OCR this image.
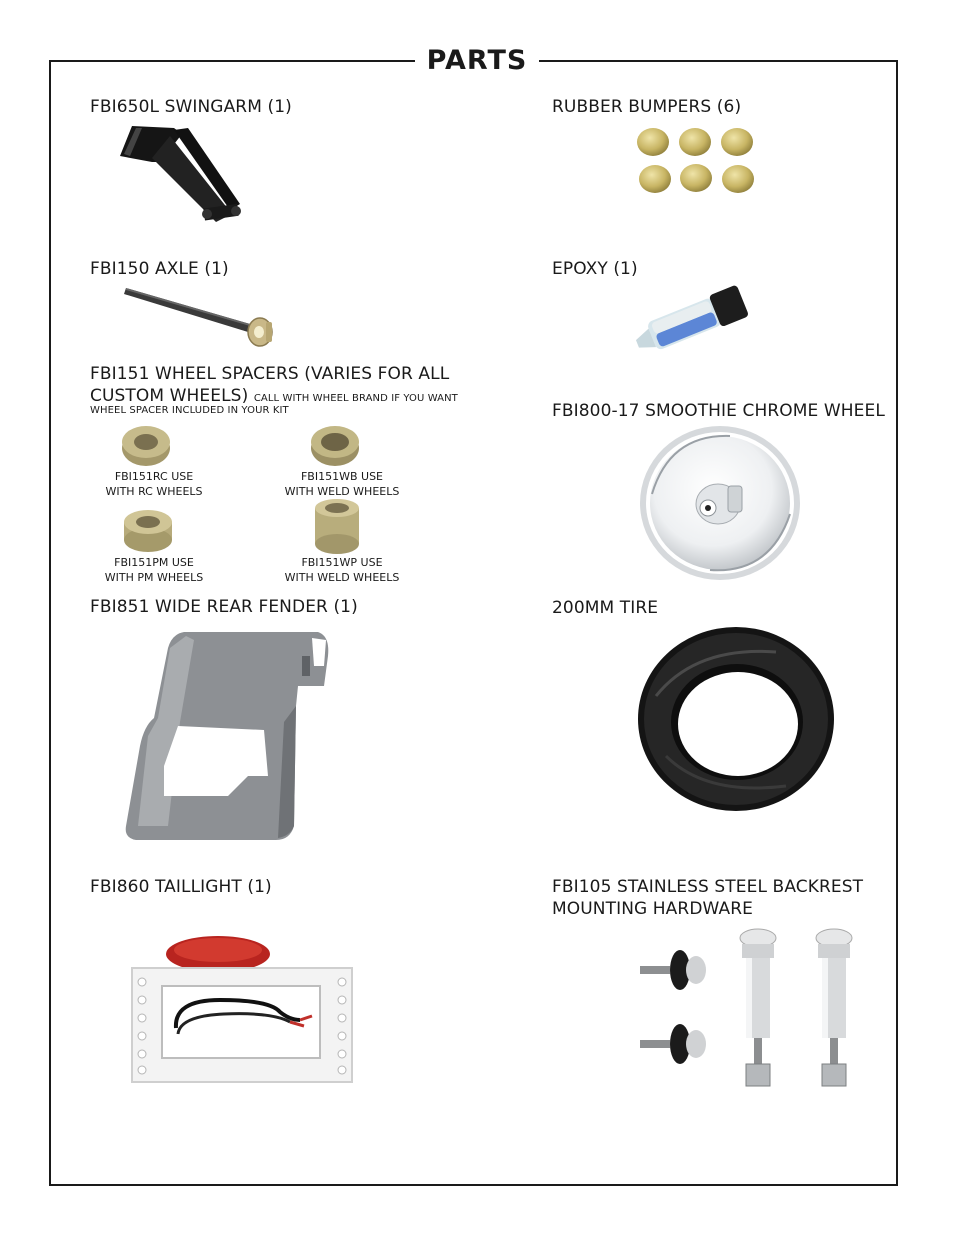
PARTS
FBI650L SWINGARM (1)
FBI150 AXLE (1)
FBI151 WHEEL SPACERS (VARIES FOR ALL
CUSTOM WHEELS) CALL WITH WHEEL BRAND IF YOU WANT
WHEEL SPACER INCLUDED IN YOUR KIT
FBI151RC USE
WITH RC WHEELS
FBI151WB USE
WITH WELD WHEELS
FBI151PM USE
WITH PM WHEELS
FBI151WP USE
WITH WELD WHEELS
FBI851 WIDE REAR FENDER (1)
FBI860 TAILLIGHT (1)
RUBBER BUMPERS (6)
EPOXY (1)
FBI800-17 SMOOTHIE CHROME WHEEL
200MM TIRE
FBI105 STAINLESS STEEL BACKREST
MOUNTING HARDWARE
